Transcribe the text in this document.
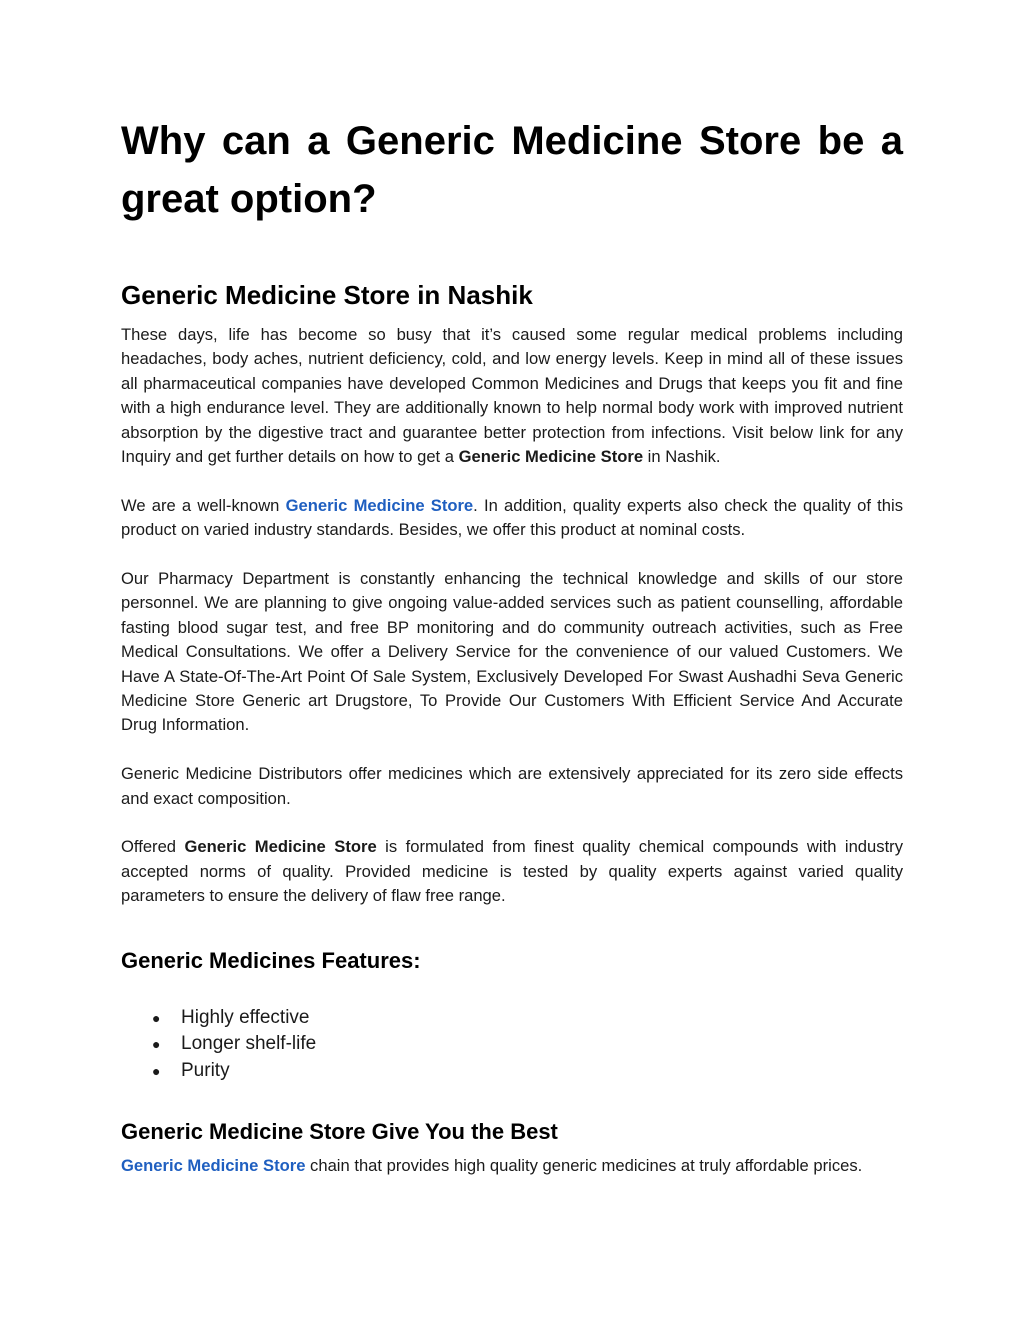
Why can a Generic Medicine Store be a great option?
Generic Medicine Store in Nashik

These days, life has become so busy that it’s caused some regular medical problems including headaches, body aches, nutrient deficiency, cold, and low energy levels. Keep in mind all of these issues all pharmaceutical companies have developed Common Medicines and Drugs that keeps you fit and fine with a high endurance level. They are additionally known to help normal body work with improved nutrient absorption by the digestive tract and guarantee better protection from infections. Visit below link for any Inquiry and get further details on how to get a Generic Medicine Store in Nashik.

We are a well-known Generic Medicine Store. In addition, quality experts also check the quality of this product on varied industry standards. Besides, we offer this product at nominal costs.

Our Pharmacy Department is constantly enhancing the technical knowledge and skills of our store personnel. We are planning to give ongoing value-added services such as patient counselling, affordable fasting blood sugar test, and free BP monitoring and do community outreach activities, such as Free Medical Consultations. We offer a Delivery Service for the convenience of our valued Customers. We Have A State-Of-The-Art Point Of Sale System, Exclusively Developed For Swast Aushadhi Seva Generic Medicine Store Generic art Drugstore, To Provide Our Customers With Efficient Service And Accurate Drug Information.

Generic Medicine Distributors offer medicines which are extensively appreciated for its zero side effects and exact composition.

Offered Generic Medicine Store is formulated from finest quality chemical compounds with industry accepted norms of quality. Provided medicine is tested by quality experts against varied quality parameters to ensure the delivery of flaw free range.

Generic Medicines Features:
● Highly effective
● Longer shelf-life
● Purity
Generic Medicine Store Give You the Best

Generic Medicine Store chain that provides high quality generic medicines at truly affordable prices.
